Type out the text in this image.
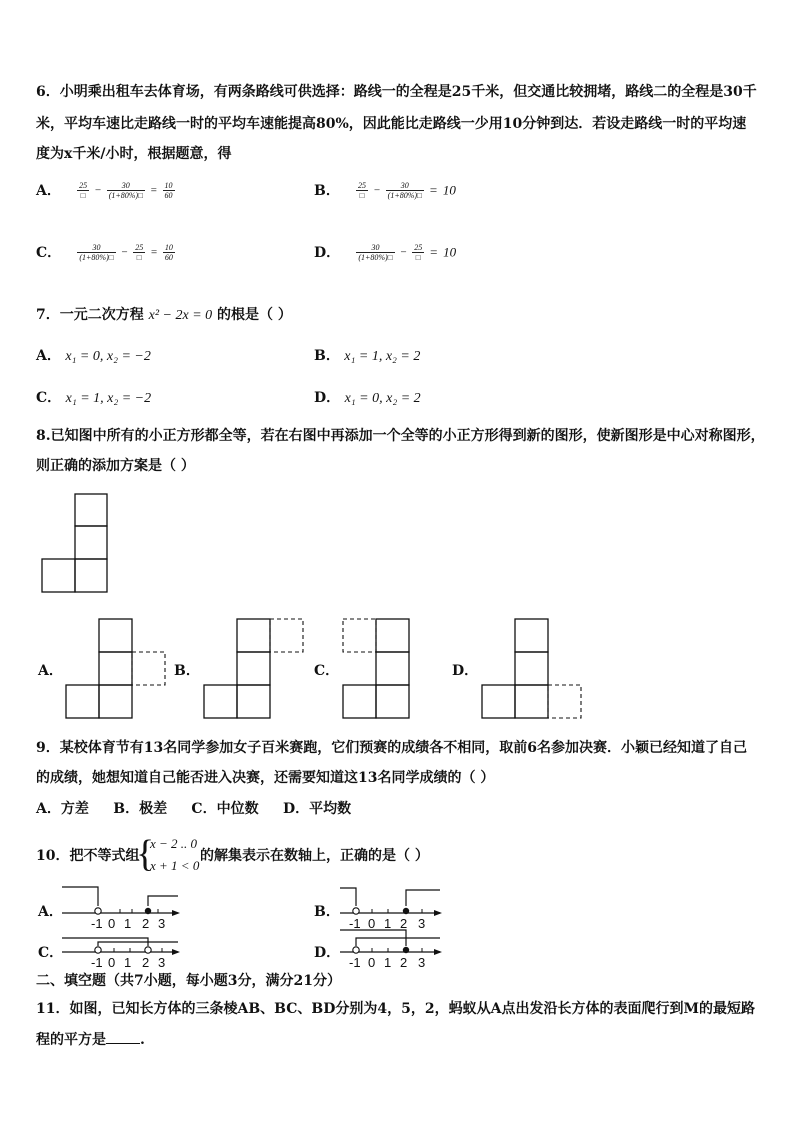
6．小明乘出租车去体育场，有两条路线可供选择：路线一的全程是25千米，但交通比较拥堵，路线二的全程是30千
米，平均车速比走路线一时的平均车速能提高80%，因此能比走路线一少用10分钟到达．若设走路线一时的平均速
度为x千米/小时，根据题意，得
A． $\frac{25}{□} - \frac{30}{(1+80\%)□} = \frac{10}{60}$	B． $\frac{25}{□} - \frac{30}{(1+80\%)□} = 10$
C． $\frac{30}{(1+80\%)□} - \frac{25}{□} = \frac{10}{60}$	D． $\frac{30}{(1+80\%)□} - \frac{25}{□} = 10$
7．一元二次方程 x² − 2x = 0 的根是（ ）
A． x₁ = 0, x₂ = −2	B． x₁ = 1, x₂ = 2
C． x₁ = 1, x₂ = −2	D． x₁ = 0, x₂ = 2
8.已知图中所有的小正方形都全等，若在右图中再添加一个全等的小正方形得到新的图形，使新图形是中心对称图形，
则正确的添加方案是（ ）
A．	B．	C．	D．
9．某校体育节有13名同学参加女子百米赛跑，它们预赛的成绩各不相同，取前6名参加决赛．小颖已经知道了自己
的成绩，她想知道自己能否进入决赛，还需要知道这13名同学成绩的（ ）
A．方差     B．极差     C．中位数     D．平均数
10．把不等式组
{
x − 2 .. 0
x + 1 < 0
的解集表示在数轴上，正确的是（ ）
A．	B．
C．	D．
-1 0 1 2 3	-1 0 1 2 3
-1 0 1 2 3	-1 0 1 2 3
二、填空题（共7小题，每小题3分，满分21分）
11．如图，已知长方体的三条棱AB、BC、BD分别为4，5，2，蚂蚁从A点出发沿长方体的表面爬行到M的最短路
程的平方是 .
